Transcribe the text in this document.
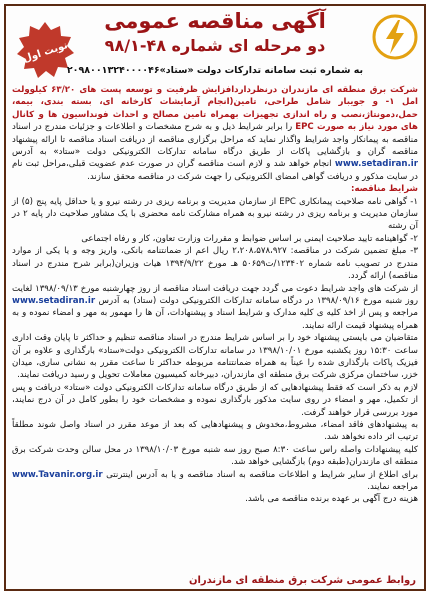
آگهی مناقصه عمومی
دو مرحله ای شماره ۴۸-۹۸/۱
نوبت اول
به شماره ثبت سامانه تدارکات دولت «ستاد»۲۰۹۸۰۰۱۳۲۴۰۰۰۰۴۶
شرکت برق منطقه ای مازندران درنظرداردافزایش ظرفیت و توسعه پست های ۶۳/۲۰ کیلوولت امل ۱- و جویبار شامل طراحی، تامین(انجام آزمایشات کارخانه ای، بسته بندی، بیمه، حمل،دمونتاژ،نصب و راه اندازی تجهیزات بهمراه تامین مصالح و احداث فونداسیون ها و کانال های مورد نیاز به صورت EPC را برابر شرایط ذیل و به شرح مشخصات و اطلاعات و جزئیات مندرج در اسناد مناقصه به پیمانکار واجد شرایط واگذار نماید که مراحل برگزاری مناقصه از دریافت اسناد مناقصه تا ارائه پیشنهاد مناقصه گران و بازگشایی پاکات از طریق درگاه سامانه تدارکات الکترونیکی دولت «ستاد» به آدرس www.setadiran.ir انجام خواهد شد و لازم است مناقصه گران در صورت عدم عضویت قبلی،مراحل ثبت نام در سایت مذکور و دریافت گواهی امضای الکترونیکی را جهت شرکت در مناقصه محقق سازند.
شرایط مناقصه:

۱- گواهی نامه صلاحیت پیمانکاری EPC از سازمان مدیریت و برنامه ریزی در رشته نیرو و یا حداقل پایه پنج (۵) از سازمان مدیریت و برنامه ریزی در رشته نیرو به همراه مشارکت نامه محضری با یک مشاور صلاحیت دار پایه ۲ در آن رشته

۲- گواهینامه تایید صلاحیت ایمنی بر اساس ضوابط و مقررات وزارت تعاون، کار و رفاه اجتماعی

۳- مبلغ تضمین شرکت در مناقصه: ۲،۲۰۸،۵۷۸،۹۲۷ ریال اعم از ضمانتنامه بانکی، واریز وجه و یا یکی از موارد مندرج در تصویب نامه شماره ۱۲۳۴۰۲/ت۵۰۶۵۹ هـ مورخ ۱۳۹۴/۹/۲۲ هیات وزیران(برابر شرح مندرج در اسناد مناقصه) ارائه گردد.

از شرکت های واجد شرایط دعوت می گردد جهت دریافت اسناد مناقصه از روز چهارشنبه مورخ ۱۳۹۸/۰۹/۱۳ لغایت روز شنبه مورخ ۱۳۹۸/۰۹/۱۶ در درگاه سامانه تدارکات الکترونیکی دولت (ستاد) به آدرس www.setadiran.ir مراجعه و پس از اخذ کلیه ی کلیه مدارک و شرایط اسناد و پیشنهادات، آن ها را مهمور به مهر و امضاء نموده و به همراه پیشنهاد قیمت ارائه نمایند.

متقاضیان می بایستی پیشنهاد خود را بر اساس شرایط مندرج در اسناد مناقصه تنظیم و حداکثر تا پایان وقت اداری ساعت ۱۵:۳۰ روز یکشنبه مورخ ۱۳۹۸/۱۰/۰۱ در سامانه تدارکات الکترونیکی دولت«ستاد» بارگذاری و علاوه بر آن فیزیک پاکات بارگذاری شده را عیناً به همراه ضمانتنامه مربوطه حداکثر تا ساعت مقرر به نشانی ساری، میدان خزر، ساختمان مرکزی شرکت برق منطقه ای مازندران، دبیرخانه کمیسیون معاملات تحویل و رسید دریافت نمایند.

لازم به ذکر است که فقط پیشنهادهایی که از طریق درگاه سامانه تدارکات الکترونیکی دولت «ستاد» دریافت و پس از تکمیل، مهر و امضاء در روی سایت مذکور بارگذاری نموده و مشخصات خود را بطور کامل در آن درج نمایند، مورد بررسی قرار خواهند گرفت.

به پیشنهادهای فاقد امضاء، مشروط،مخدوش و پیشنهادهایی که بعد از موعد مقرر در اسناد واصل شوند مطلقاً ترتیب اثر داده نخواهد شد.

کلیه پیشنهادات واصله راس ساعت ۸:۳۰ صبح روز سه شنبه مورخ ۱۳۹۸/۱۰/۰۳ در محل سالن وحدت شرکت برق منطقه ای مازندران(طبقه دوم) بازگشایی خواهد شد.

برای اطلاع از سایر شرایط و اطلاعات مناقصه به اسناد مناقصه و یا به آدرس اینترنتی www.Tavanir.org.ir مراجعه نمایند.

هزینه درج آگهی بر عهده برنده مناقصه می باشد.

روابط عمومی شرکت برق منطقه ای مازندران
